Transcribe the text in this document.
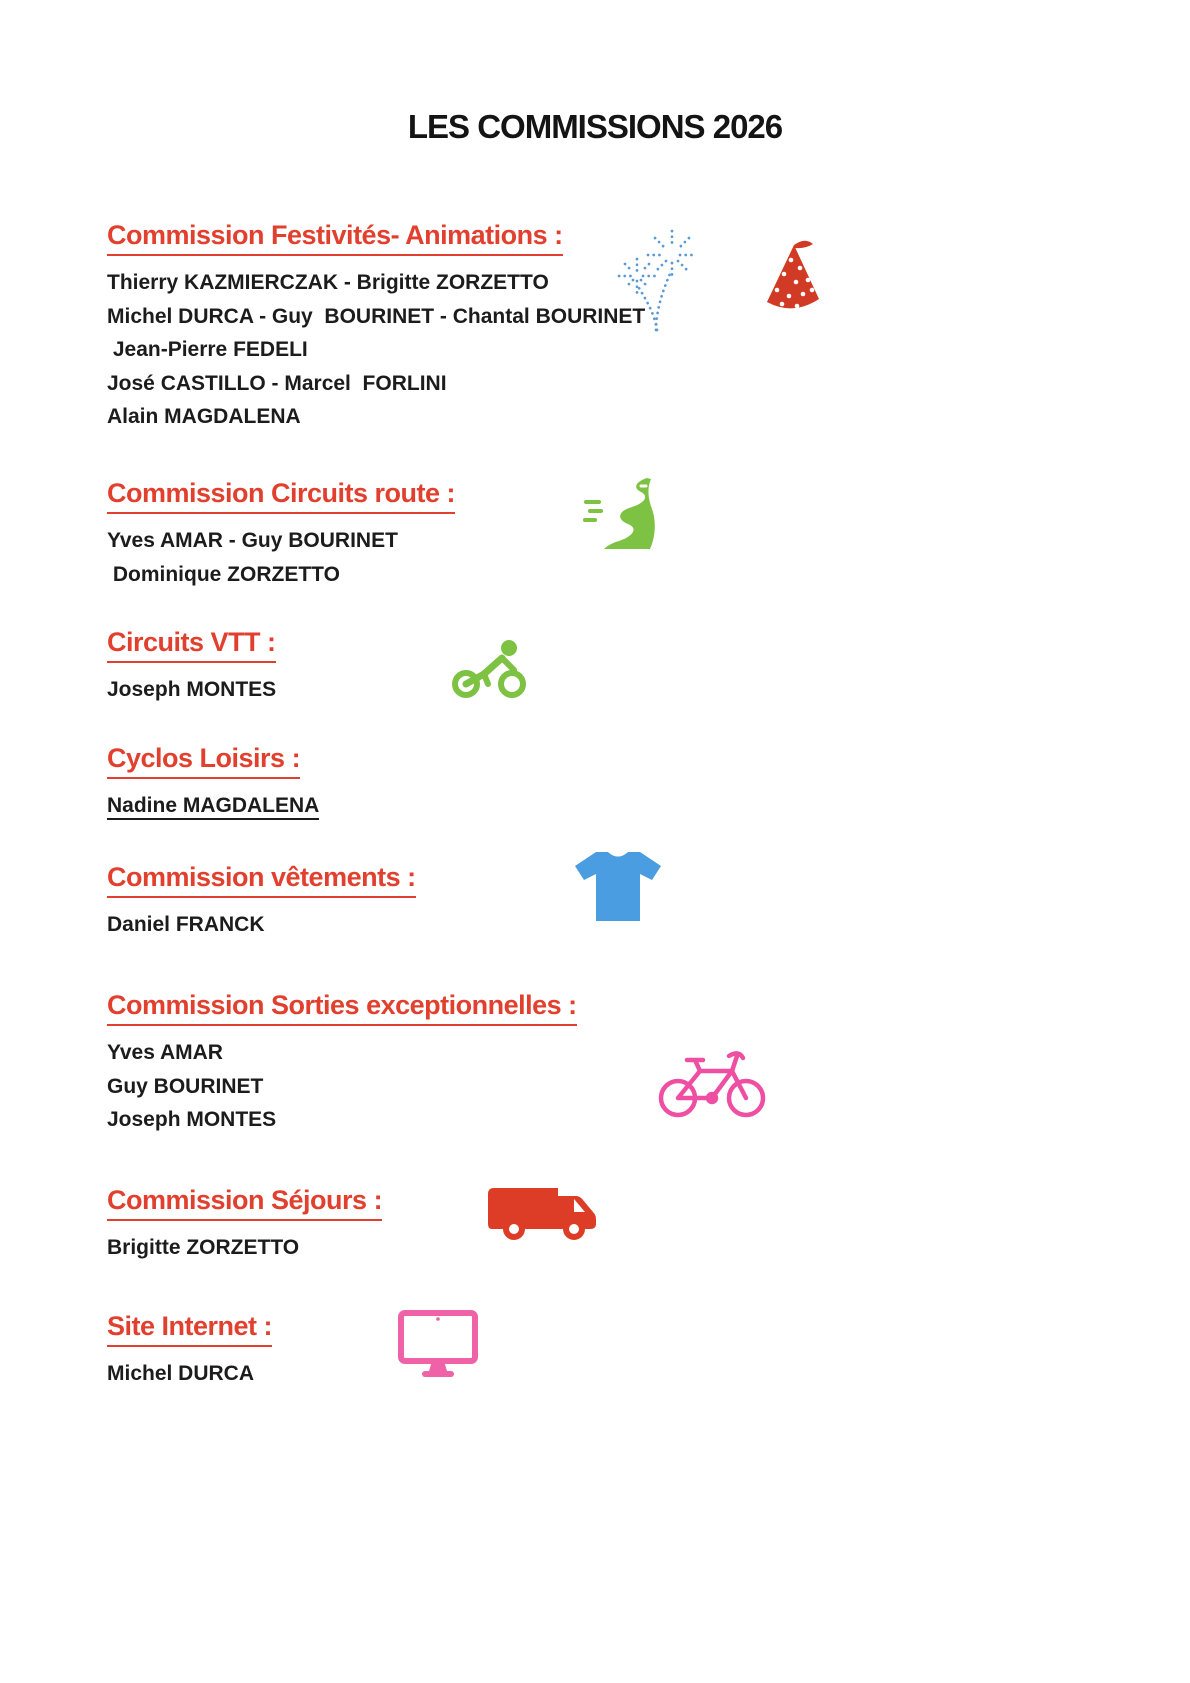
LES COMMISSIONS 2026
Commission Festivités- Animations :
Thierry KAZMIERCZAK - Brigitte ZORZETTO
Michel DURCA - Guy  BOURINET - Chantal BOURINET
Jean-Pierre FEDELI
José CASTILLO - Marcel  FORLINI
Alain MAGDALENA
Commission Circuits route :
Yves AMAR - Guy BOURINET
Dominique ZORZETTO
Circuits VTT :
Joseph MONTES
Cyclos Loisirs :
Nadine MAGDALENA
Commission vêtements :
Daniel FRANCK
Commission Sorties exceptionnelles :
Yves AMAR
Guy BOURINET
Joseph MONTES
Commission Séjours :
Brigitte ZORZETTO
Site Internet :
Michel DURCA
